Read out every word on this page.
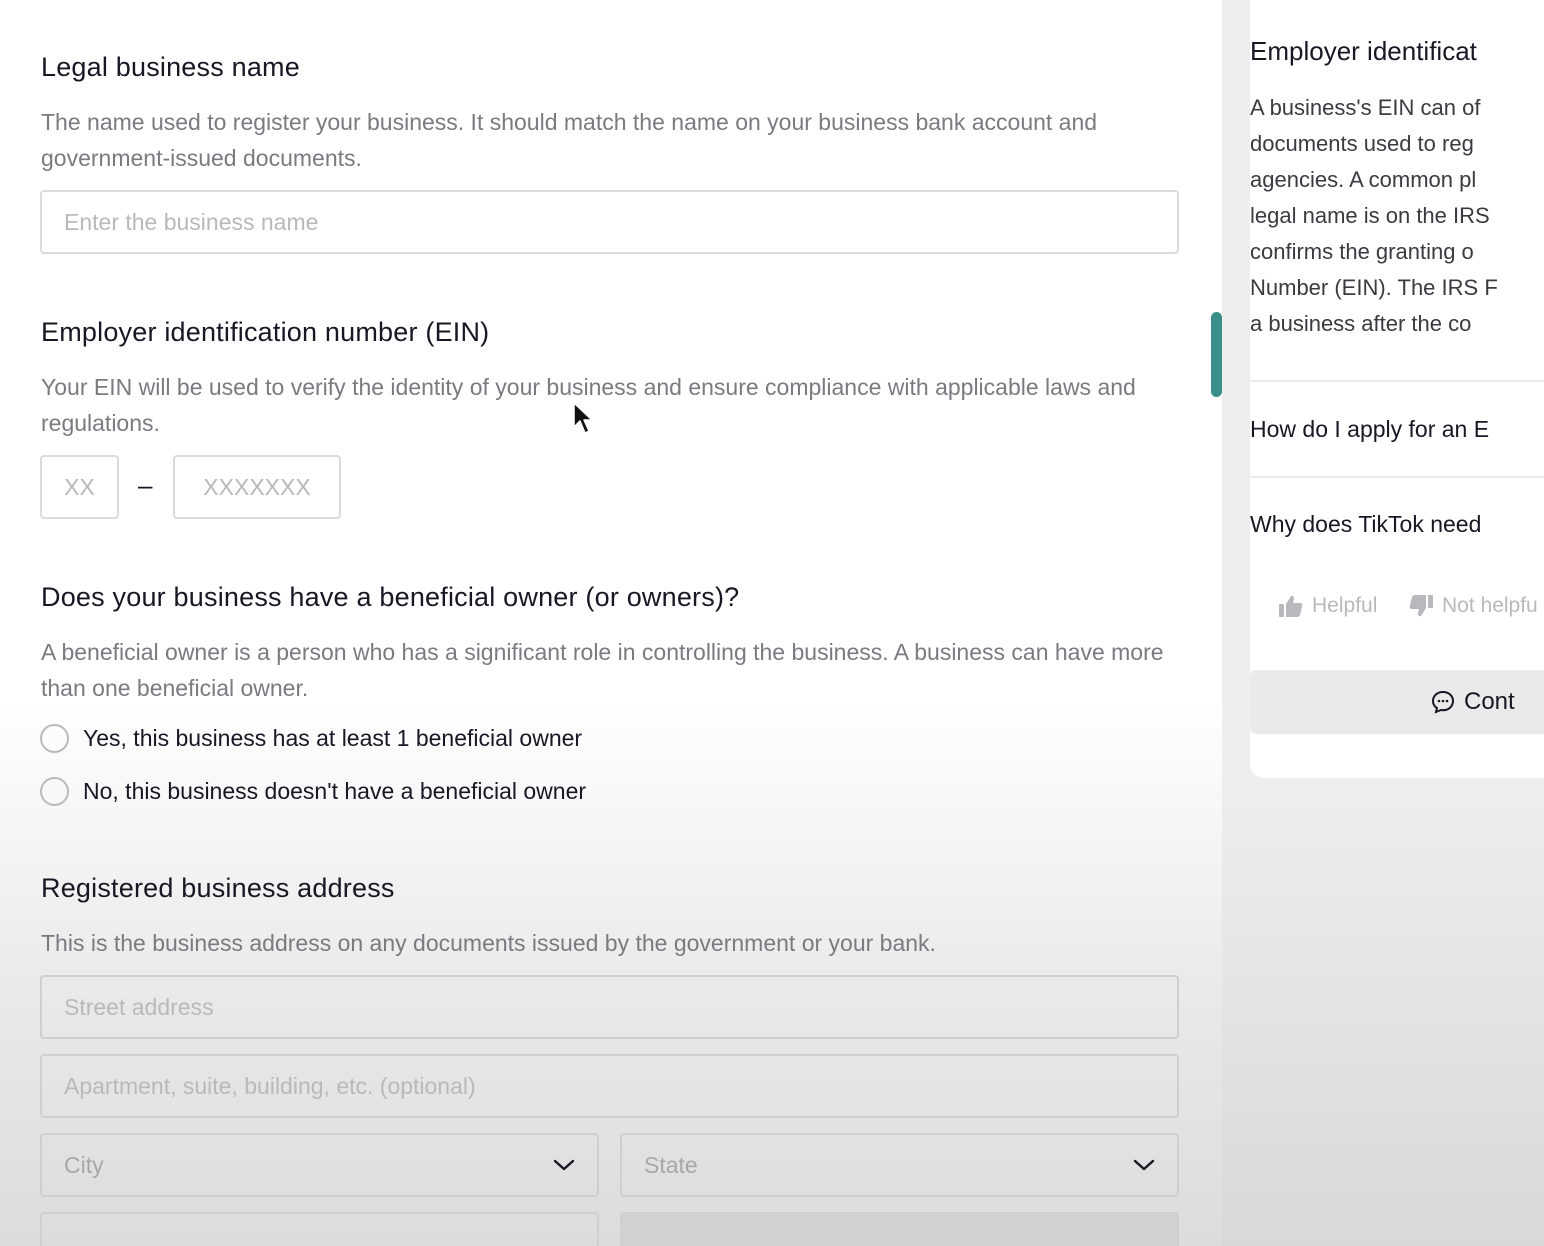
Legal business name
The name used to register your business. It should match the name on your business bank account and government-issued documents.
Enter the business name
Employer identification number (EIN)
Your EIN will be used to verify the identity of your business and ensure compliance with applicable laws and regulations.
XX
–
XXXXXXX
Does your business have a beneficial owner (or owners)?
A beneficial owner is a person who has a significant role in controlling the business. A business can have more than one beneficial owner.
Yes, this business has at least 1 beneficial owner
No, this business doesn't have a beneficial owner
Registered business address
This is the business address on any documents issued by the government or your bank.
Street address
Apartment, suite, building, etc. (optional)
City	State
Employer identificat
A business's EIN can of
documents used to reg
agencies. A common pl
legal name is on the IRS
confirms the granting o
Number (EIN). The IRS F
a business after the co
How do I apply for an E
Why does TikTok need
Helpful	Not helpfu
Cont
